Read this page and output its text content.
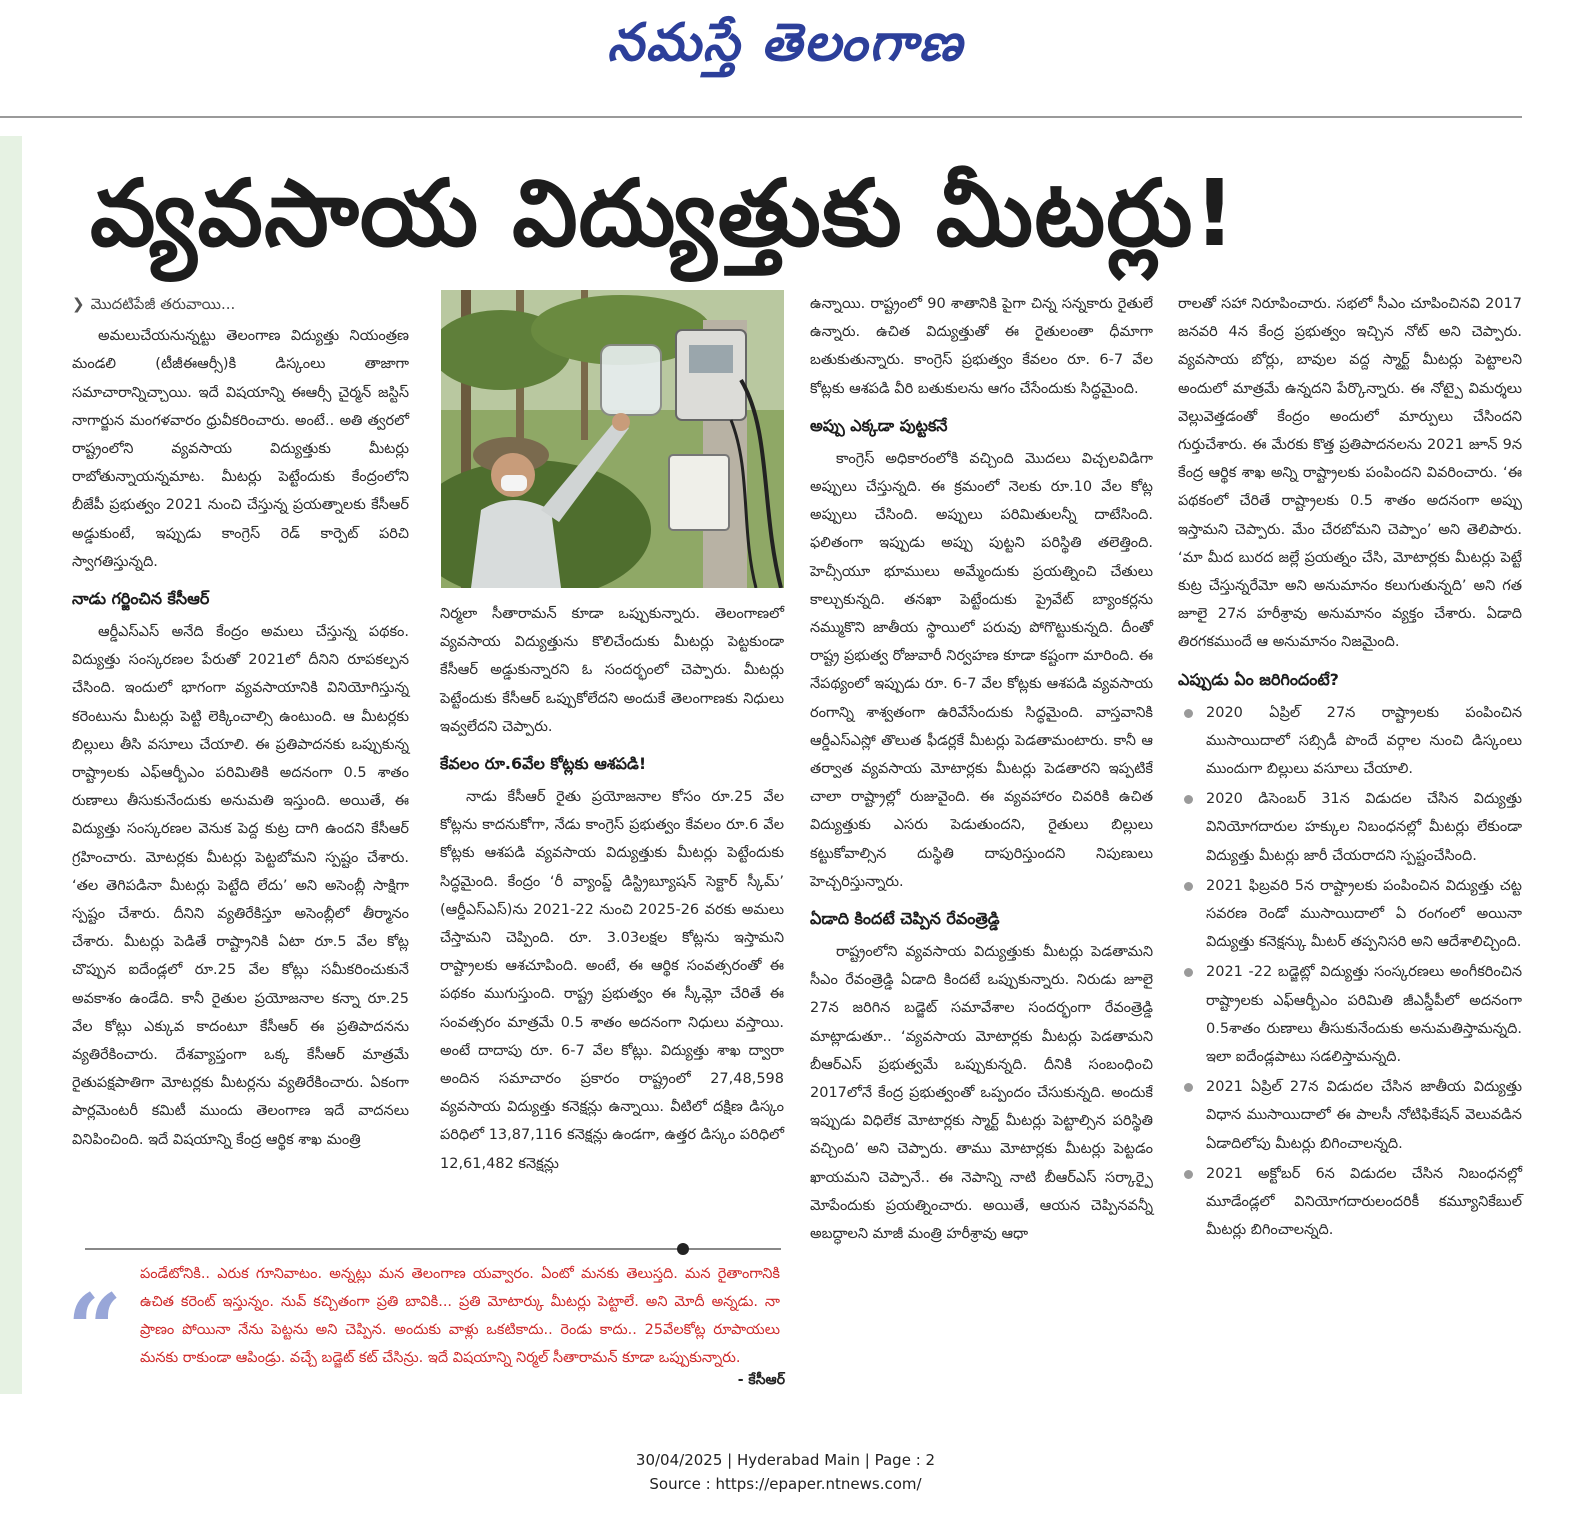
నమస్తే తెలంగాణ
వ్యవసాయ విద్యుత్తుకు మీటర్లు!

❯ మొదటిపేజీ తరువాయి...

అమలుచేయనున్నట్టు తెలంగాణ విద్యుత్తు నియంత్రణ మండలి (టీజీఈఆర్సీ)కి డిస్కంలు తాజాగా సమాచారాన్నిచ్చాయి. ఇదే విషయాన్ని ఈఆర్సీ చైర్మన్ జస్టిస్ నాగార్జున మంగళవారం ధ్రువీకరించారు. అంటే.. అతి త్వరలో రాష్ట్రంలోని వ్యవసాయ విద్యుత్తుకు మీటర్లు రాబోతున్నాయన్నమాట. మీటర్లు పెట్టేందుకు కేంద్రంలోని బీజేపీ ప్రభుత్వం 2021 నుంచి చేస్తున్న ప్రయత్నాలకు కేసీఆర్ అడ్డుకుంటే, ఇప్పుడు కాంగ్రెస్ రెడ్ కార్పెట్ పరిచి స్వాగతిస్తున్నది.

నాడు గర్జించిన కేసీఆర్

ఆర్డీఎస్ఎస్ అనేది కేంద్రం అమలు చేస్తున్న పథకం. విద్యుత్తు సంస్కరణల పేరుతో 2021లో దీనిని రూపకల్పన చేసింది. ఇందులో భాగంగా వ్యవసాయానికి వినియోగిస్తున్న కరెంటును మీటర్లు పెట్టి లెక్కించాల్సి ఉంటుంది. ఆ మీటర్లకు బిల్లులు తీసి వసూలు చేయాలి. ఈ ప్రతిపాదనకు ఒప్పుకున్న రాష్ట్రాలకు ఎఫ్ఆర్బీఎం పరిమితికి అదనంగా 0.5 శాతం రుణాలు తీసుకునేందుకు అనుమతి ఇస్తుంది. అయితే, ఈ విద్యుత్తు సంస్కరణల వెనుక పెద్ద కుట్ర దాగి ఉందని కేసీఆర్ గ్రహించారు. మోటర్లకు మీటర్లు పెట్టబోమని స్పష్టం చేశారు. ‘తల తెగిపడినా మీటర్లు పెట్టేది లేదు’ అని అసెంబ్లీ సాక్షిగా స్పష్టం చేశారు. దీనిని వ్యతిరేకిస్తూ అసెంబ్లీలో తీర్మానం చేశారు. మీటర్లు పెడితే రాష్ట్రానికి ఏటా రూ.5 వేల కోట్ల చొప్పున ఐదేండ్లలో రూ.25 వేల కోట్లు సమీకరించుకునే అవకాశం ఉండేది. కానీ రైతుల ప్రయోజనాల కన్నా రూ.25 వేల కోట్లు ఎక్కువ కాదంటూ కేసీఆర్ ఈ ప్రతిపాదనను వ్యతిరేకించారు. దేశవ్యాప్తంగా ఒక్క కేసీఆర్ మాత్రమే రైతుపక్షపాతిగా మోటర్లకు మీటర్లను వ్యతిరేకించారు. ఏకంగా పార్లమెంటరీ కమిటీ ముందు తెలంగాణ ఇదే వాదనలు వినిపించింది. ఇదే విషయాన్ని కేంద్ర ఆర్థిక శాఖ మంత్రి

నిర్మలా సీతారామన్ కూడా ఒప్పుకున్నారు. తెలంగాణలో వ్యవసాయ విద్యుత్తును కొలిచేందుకు మీటర్లు పెట్టకుండా కేసీఆర్ అడ్డుకున్నారని ఓ సందర్భంలో చెప్పారు. మీటర్లు పెట్టేందుకు కేసీఆర్ ఒప్పుకోలేదని అందుకే తెలంగాణకు నిధులు ఇవ్వలేదని చెప్పారు.

కేవలం రూ.6వేల కోట్లకు ఆశపడి!

నాడు కేసీఆర్ రైతు ప్రయోజనాల కోసం రూ.25 వేల కోట్లను కాదనుకోగా, నేడు కాంగ్రెస్ ప్రభుత్వం కేవలం రూ.6 వేల కోట్లకు ఆశపడి వ్యవసాయ విద్యుత్తుకు మీటర్లు పెట్టేందుకు సిద్ధమైంది. కేంద్రం ‘రీ వ్యాంప్డ్ డిస్ట్రిబ్యూషన్ సెక్టార్ స్కీమ్’ (ఆర్డీఎస్ఎస్)ను 2021-22 నుంచి 2025-26 వరకు అమలు చేస్తామని చెప్పింది. రూ. 3.03లక్షల కోట్లను ఇస్తామని రాష్ట్రాలకు ఆశచూపింది. అంటే, ఈ ఆర్థిక సంవత్సరంతో ఈ పథకం ముగుస్తుంది. రాష్ట్ర ప్రభుత్వం ఈ స్కీమ్లో చేరితే ఈ సంవత్సరం మాత్రమే 0.5 శాతం అదనంగా నిధులు వస్తాయి. అంటే దాదాపు రూ. 6-7 వేల కోట్లు. విద్యుత్తు శాఖ ద్వారా అందిన సమాచారం ప్రకారం రాష్ట్రంలో 27,48,598 వ్యవసాయ విద్యుత్తు కనెక్షన్లు ఉన్నాయి. వీటిలో దక్షిణ డిస్కం పరిధిలో 13,87,116 కనెక్షన్లు ఉండగా, ఉత్తర డిస్కం పరిధిలో 12,61,482 కనెక్షన్లు

ఉన్నాయి. రాష్ట్రంలో 90 శాతానికి పైగా చిన్న సన్నకారు రైతులే ఉన్నారు. ఉచిత విద్యుత్తుతో ఈ రైతులంతా ధీమాగా బతుకుతున్నారు. కాంగ్రెస్ ప్రభుత్వం కేవలం రూ. 6-7 వేల కోట్లకు ఆశపడి వీరి బతుకులను ఆగం చేసేందుకు సిద్ధమైంది.

అప్పు ఎక్కడా పుట్టకనే

కాంగ్రెస్ అధికారంలోకి వచ్చింది మొదలు విచ్చలవిడిగా అప్పులు చేస్తున్నది. ఈ క్రమంలో నెలకు రూ.10 వేల కోట్ల అప్పులు చేసింది. అప్పులు పరిమితులన్నీ దాటేసింది. ఫలితంగా ఇప్పుడు అప్పు పుట్టని పరిస్థితి తలెత్తింది. హెచ్సీయూ భూములు అమ్మేందుకు ప్రయత్నించి చేతులు కాల్చుకున్నది. తనఖా పెట్టేందుకు ప్రైవేట్ బ్యాంకర్లను నమ్ముకొని జాతీయ స్థాయిలో పరువు పోగొట్టుకున్నది. దీంతో రాష్ట్ర ప్రభుత్వ రోజువారీ నిర్వహణ కూడా కష్టంగా మారింది. ఈ నేపథ్యంలో ఇప్పుడు రూ. 6-7 వేల కోట్లకు ఆశపడి వ్యవసాయ రంగాన్ని శాశ్వతంగా ఉరివేసేందుకు సిద్ధమైంది. వాస్తవానికి ఆర్డీఎస్ఎస్లో తొలుత ఫీడర్లకే మీటర్లు పెడతామంటారు. కానీ ఆ తర్వాత వ్యవసాయ మోటార్లకు మీటర్లు పెడతారని ఇప్పటికే చాలా రాష్ట్రాల్లో రుజువైంది. ఈ వ్యవహారం చివరికి ఉచిత విద్యుత్తుకు ఎసరు పెడుతుందని, రైతులు బిల్లులు కట్టుకోవాల్సిన దుస్థితి దాపురిస్తుందని నిపుణులు హెచ్చరిస్తున్నారు.

ఏడాది కిందటే చెప్పిన రేవంత్రెడ్డి

రాష్ట్రంలోని వ్యవసాయ విద్యుత్తుకు మీటర్లు పెడతామని సీఎం రేవంత్రెడ్డి ఏడాది కిందటే ఒప్పుకున్నారు. నిరుడు జూలై 27న జరిగిన బడ్జెట్ సమావేశాల సందర్భంగా రేవంత్రెడ్డి మాట్లాడుతూ.. ‘వ్యవసాయ మోటార్లకు మీటర్లు పెడతామని బీఆర్ఎస్ ప్రభుత్వమే ఒప్పుకున్నది. దీనికి సంబంధించి 2017లోనే కేంద్ర ప్రభుత్వంతో ఒప్పందం చేసుకున్నది. అందుకే ఇప్పుడు విధిలేక మోటార్లకు స్మార్ట్ మీటర్లు పెట్టాల్సిన పరిస్థితి వచ్చింది’ అని చెప్పారు. తాము మోటార్లకు మీటర్లు పెట్టడం ఖాయమని చెప్పానే.. ఈ నెపాన్ని నాటి బీఆర్ఎస్ సర్కార్పై మోపేందుకు ప్రయత్నించారు. అయితే, ఆయన చెప్పినవన్నీ అబద్ధాలని మాజీ మంత్రి హరీశ్రావు ఆధా

రాలతో సహా నిరూపించారు. సభలో సీఎం చూపించినవి 2017 జనవరి 4న కేంద్ర ప్రభుత్వం ఇచ్చిన నోట్ అని చెప్పారు. వ్యవసాయ బోర్లు, బావుల వద్ద స్మార్ట్ మీటర్లు పెట్టాలని అందులో మాత్రమే ఉన్నదని పేర్కొన్నారు. ఈ నోట్పై విమర్శలు వెల్లువెత్తడంతో కేంద్రం అందులో మార్పులు చేసిందని గుర్తుచేశారు. ఈ మేరకు కొత్త ప్రతిపాదనలను 2021 జూన్ 9న కేంద్ర ఆర్థిక శాఖ అన్ని రాష్ట్రాలకు పంపిందని వివరించారు. ‘ఈ పథకంలో చేరితే రాష్ట్రాలకు 0.5 శాతం అదనంగా అప్పు ఇస్తామని చెప్పారు. మేం చేరబోమని చెప్పాం’ అని తెలిపారు. ‘మా మీద బురద జల్లే ప్రయత్నం చేసి, మోటార్లకు మీటర్లు పెట్టే కుట్ర చేస్తున్నరేమో అని అనుమానం కలుగుతున్నది’ అని గత జూలై 27న హరీశ్రావు అనుమానం వ్యక్తం చేశారు. ఏడాది తిరగకముందే ఆ అనుమానం నిజమైంది.

ఎప్పుడు ఏం జరిగిందంటే?
2020 ఏప్రిల్ 27న రాష్ట్రాలకు పంపించిన ముసాయిదాలో సబ్సిడీ పొందే వర్గాల నుంచి డిస్కంలు ముందుగా బిల్లులు వసూలు చేయాలి.
2020 డిసెంబర్ 31న విడుదల చేసిన విద్యుత్తు వినియోగదారుల హక్కుల నిబంధనల్లో మీటర్లు లేకుండా విద్యుత్తు మీటర్లు జారీ చేయరాదని స్పష్టంచేసింది.
2021 ఫిబ్రవరి 5న రాష్ట్రాలకు పంపించిన విద్యుత్తు చట్ట సవరణ రెండో ముసాయిదాలో ఏ రంగంలో అయినా విద్యుత్తు కనెక్షన్కు మీటర్ తప్పనిసరి అని ఆదేశాలిచ్చింది.
2021 -22 బడ్జెట్లో విద్యుత్తు సంస్కరణలు అంగీకరించిన రాష్ట్రాలకు ఎఫ్ఆర్బీఎం పరిమితి జీఎస్డీపీలో అదనంగా 0.5శాతం రుణాలు తీసుకునేందుకు అనుమతిస్తామన్నది. ఇలా ఐదేండ్లపాటు సడలిస్తామన్నది.
2021 ఏప్రిల్ 27న విడుదల చేసిన జాతీయ విద్యుత్తు విధాన ముసాయిదాలో ఈ పాలసీ నోటిఫికేషన్ వెలువడిన ఏడాదిలోపు మీటర్లు బిగించాలన్నది.
2021 అక్టోబర్ 6న విడుదల చేసిన నిబంధనల్లో మూడేండ్లలో వినియోగదారులందరికీ కమ్యూనికేబుల్ మీటర్లు బిగించాలన్నది.
“ పండేటోనికి.. ఎరుక గూనివాటం. అన్నట్లు మన తెలంగాణ యవ్వారం. ఏంటో మనకు తెలుస్తది. మన రైతాంగానికి ఉచిత కరెంట్ ఇస్తున్నం. నువ్ కచ్చితంగా ప్రతి బావికి... ప్రతి మోటార్కు మీటర్లు పెట్టాలే. అని మోదీ అన్నడు. నా ప్రాణం పోయినా నేను పెట్టను అని చెప్పిన. అందుకు వాళ్లు ఒకటికాదు.. రెండు కాదు.. 25వేలకోట్ల రూపాయలు మనకు రాకుండా ఆపిండ్రు. వచ్చే బడ్జెట్ కట్ చేసిన్రు. ఇదే విషయాన్ని నిర్మల్ సీతారామన్ కూడా ఒప్పుకున్నారు.
- కేసీఆర్
30/04/2025 | Hyderabad Main | Page : 2
Source : https://epaper.ntnews.com/
